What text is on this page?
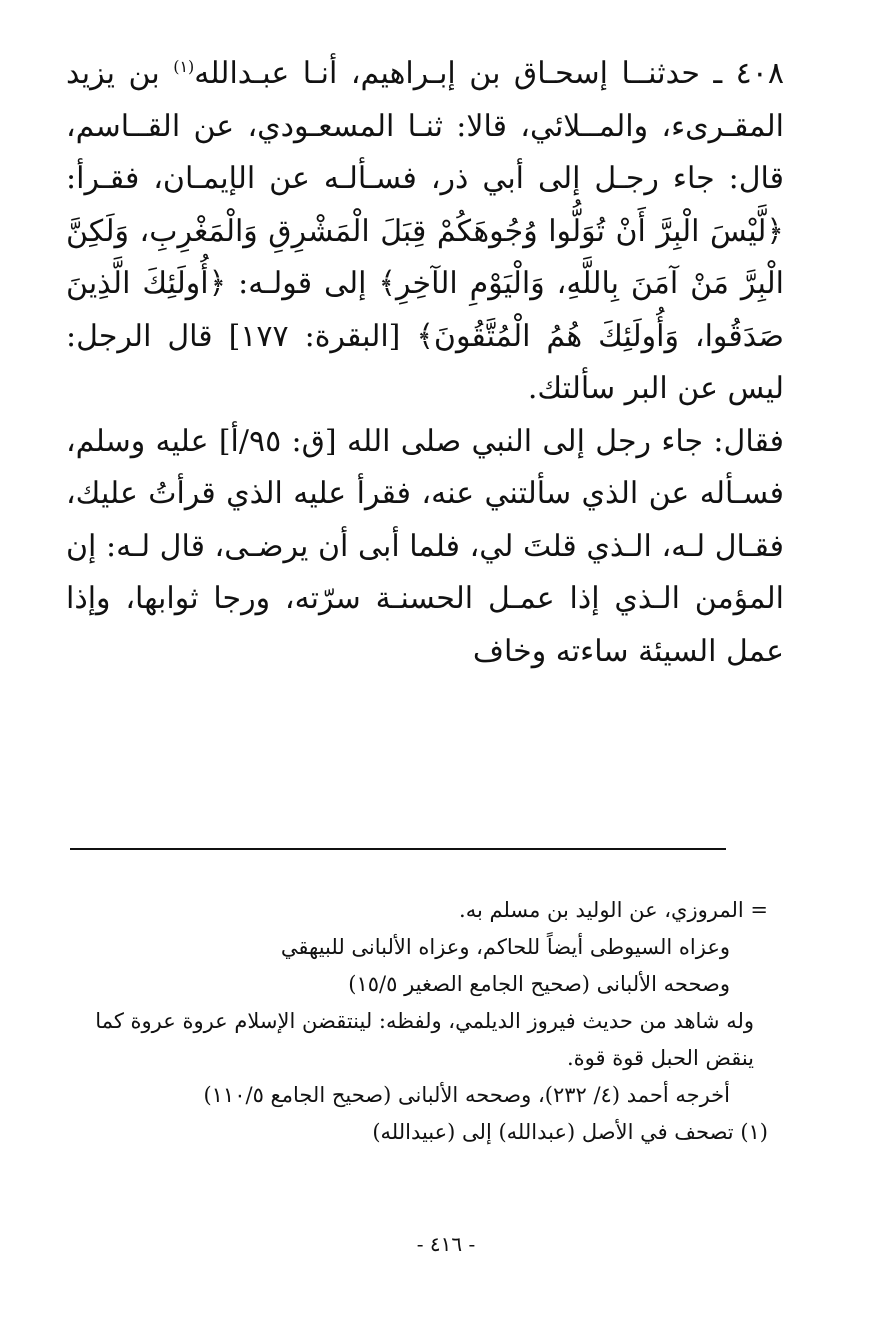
٤٠٨ ـ حدثنــا إسحـاق بن إبـراهيم، أنـا عبـدالله$^{(١)}$ بن يزيد المقـرىء، والمــلائي، قالا: ثنـا المسعـودي، عن القــاسم، قال: جاء رجـل إلى أبي ذر، فسـألـه عن الإيمـان، فقـرأ: ﴿لَّيْسَ الْبِرَّ أَنْ تُوَلُّوا وُجُوهَكُمْ قِبَلَ الْمَشْرِقِ وَالْمَغْرِبِ، وَلَكِنَّ الْبِرَّ مَنْ آمَنَ بِاللَّهِ، وَالْيَوْمِ الآخِرِ﴾ إلى قولـه: ﴿أُولَئِكَ الَّذِينَ صَدَقُوا، وَأُولَئِكَ هُمُ الْمُتَّقُونَ﴾ [البقرة: ١٧٧] قال الرجل: ليس عن البر سألتك.

فقال: جاء رجل إلى النبي صلى الله [ق: ٩٥/أ] عليه وسلم، فسـأله عن الذي سألتني عنه، فقرأ عليه الذي قرأتُ عليك، فقـال لـه، الـذي قلتَ لي، فلما أبى أن يرضـى، قال لـه: إن المؤمن الـذي إذا عمـل الحسنـة سرّته، ورجا ثوابها، وإذا عمل السيئة ساءته وخاف

= المروزي، عن الوليد بن مسلم به.
وعزاه السيوطى أيضاً للحاكم، وعزاه الألبانى للبيهقي
وصححه الألبانى (صحيح الجامع الصغير ١٥/٥)
وله شاهد من حديث فيروز الديلمي، ولفظه: لينتقضن الإسلام عروة عروة كما
ينقض الحبل قوة قوة.
أخرجه أحمد (٤/ ٢٣٢)، وصححه الألبانى (صحيح الجامع ١١٠/٥)
(١) تصحف في الأصل (عبدالله) إلى (عبيدالله)
- ٤١٦ -
